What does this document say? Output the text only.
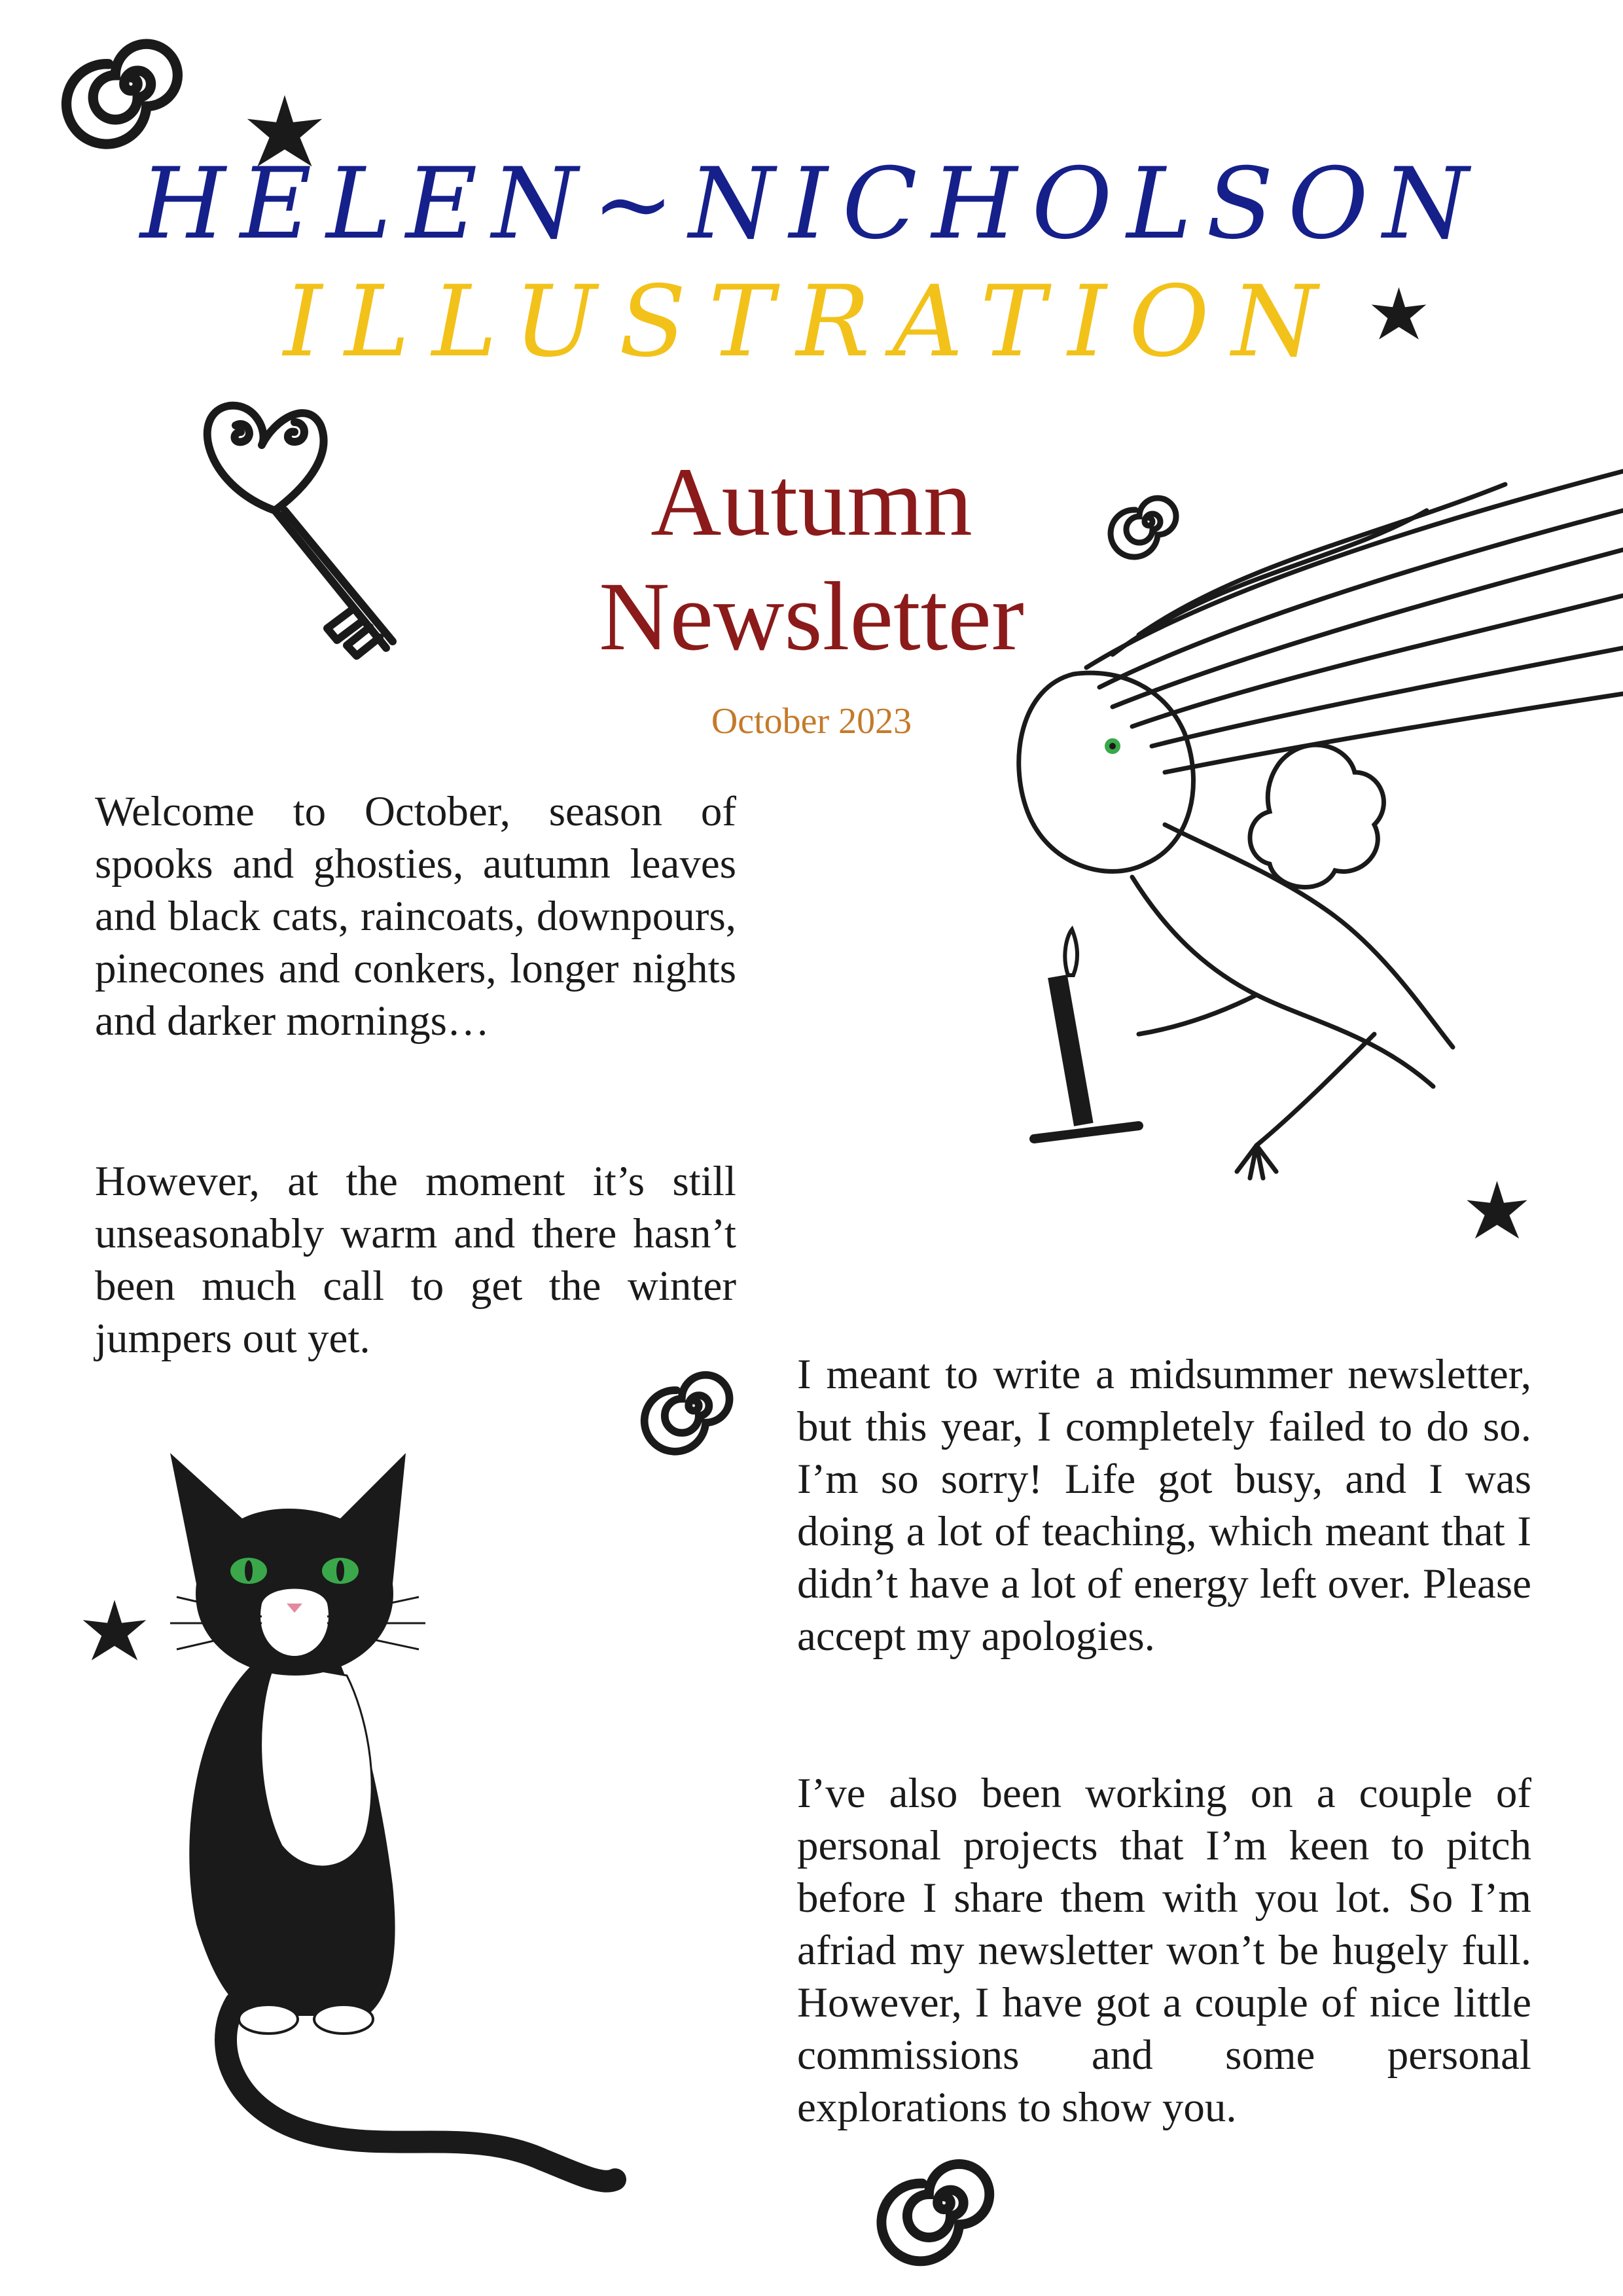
HELEN~NICHOLSON
ILLUSTRATION
Autumn
Newsletter
October 2023

Welcome to October, season of spooks and ghosties, autumn leaves and black cats, raincoats, downpours, pinecones and conkers, longer nights and darker mornings…

However, at the moment it’s still unseasonably warm and there hasn’t been much call to get the winter jumpers out yet.

I meant to write a midsummer newsletter, but this year, I completely failed to do so. I’m so sorry! Life got busy, and I was doing a lot of teaching, which meant that I didn’t have a lot of energy left over. Please accept my apologies.

I’ve also been working on a couple of personal projects that I’m keen to pitch before I share them with you lot. So I’m afriad my newsletter won’t be hugely full. However, I have got a couple of nice little commissions and some personal explorations to show you.
